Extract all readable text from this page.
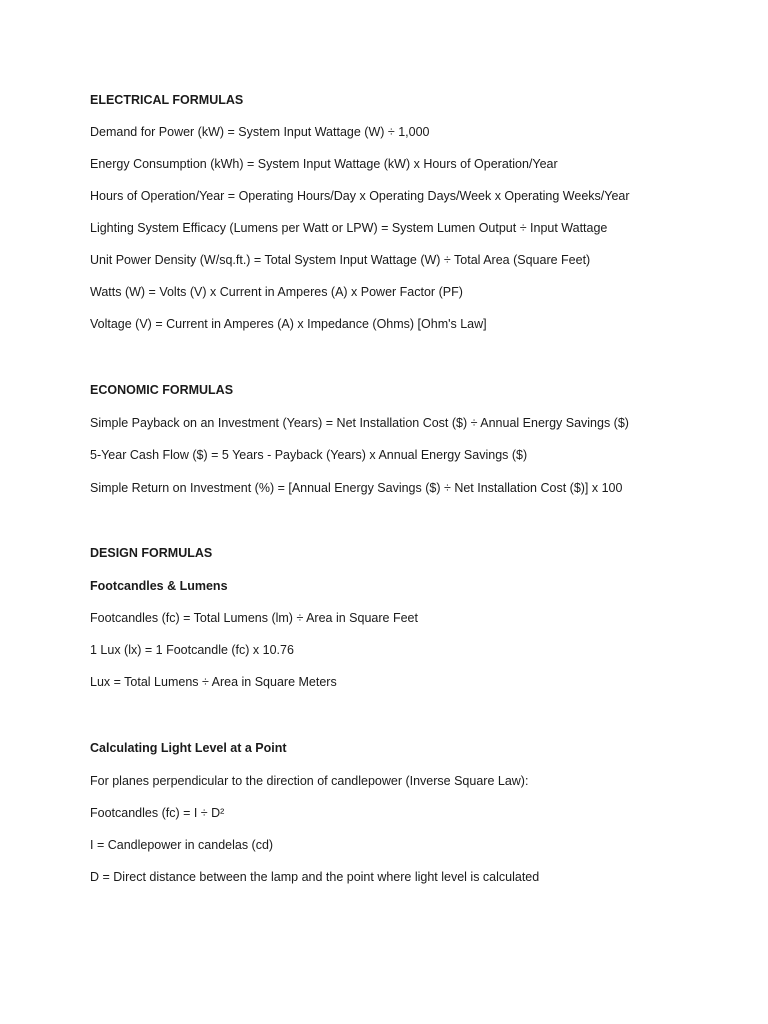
ELECTRICAL FORMULAS
Demand for Power (kW) = System Input Wattage (W) ÷ 1,000
Energy Consumption (kWh) = System Input Wattage (kW) x Hours of Operation/Year
Hours of Operation/Year = Operating Hours/Day x Operating Days/Week x Operating Weeks/Year
Lighting System Efficacy (Lumens per Watt or LPW) = System Lumen Output ÷ Input Wattage
Unit Power Density (W/sq.ft.) = Total System Input Wattage (W) ÷ Total Area (Square Feet)
Watts (W) = Volts (V) x Current in Amperes (A) x Power Factor (PF)
Voltage (V) = Current in Amperes (A) x Impedance (Ohms) [Ohm's Law]
ECONOMIC FORMULAS
Simple Payback on an Investment (Years) = Net Installation Cost ($) ÷ Annual Energy Savings ($)
5-Year Cash Flow ($) = 5 Years - Payback (Years) x Annual Energy Savings ($)
Simple Return on Investment (%) = [Annual Energy Savings ($) ÷ Net Installation Cost ($)] x 100
DESIGN FORMULAS
Footcandles & Lumens
Footcandles (fc) = Total Lumens (lm) ÷ Area in Square Feet
1 Lux (lx) = 1 Footcandle (fc) x 10.76
Lux = Total Lumens ÷ Area in Square Meters
Calculating Light Level at a Point
For planes perpendicular to the direction of candlepower (Inverse Square Law):
Footcandles (fc) = I ÷ D²
I = Candlepower in candelas (cd)
D = Direct distance between the lamp and the point where light level is calculated
